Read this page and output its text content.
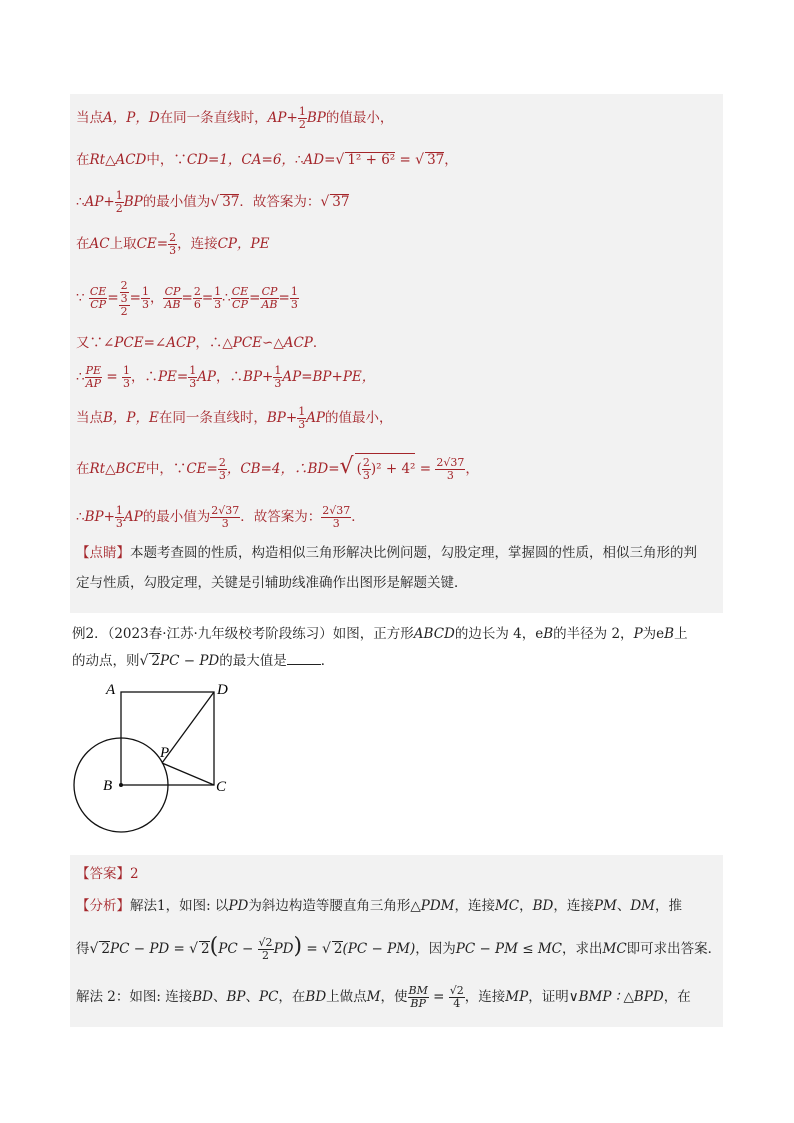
当点A，P，D在同一条直线时，$AP+ \frac{1}{2}$ BP的值最小，
在Rt△ACD中，∵CD=1，CA=6，∴AD=√ 1² + 6² = √ 37，
∴AP+ $\frac{1}{2}$ BP的最小值为√ 37．故答案为：√ 37
在AC上取$CE= \frac{2}{3}$ ，连接CP，PE
∵ $\frac{CE}{CP} = \frac{\frac{2}{3}}{2} = \frac{1}{3}$ ， $\frac{CP}{AB} = \frac{2}{6} = \frac{1}{3}$ ∴ $\frac{CE}{CP} = \frac{CP}{AB} = \frac{1}{3}$
又∵∠PCE=∠ACP，∴△PCE∽△ACP．
∴ $\frac{PE}{AP} = \frac{1}{3}$ ，∴PE= $\frac{1}{3}$ AP，∴BP+ $\frac{1}{3} AP=BP+PE$，
当点B，P，E在同一条直线时，$BP+ \frac{1}{3}$ AP的值最小，
在Rt△BCE中，∵CE= $\frac{2}{3}$ ，CB=4，∴BD=√ ( $\frac{2}{3} )^2 + 4^2 = \frac{2√37}{3}$ ，
∴BP+ $\frac{1}{3}$ AP的最小值为 $\frac{2√37}{3}$ ．故答案为： $\frac{2√37}{3}$ ．
【点睛】本题考查圆的性质，构造相似三角形解决比例问题，勾股定理，掌握圆的性质，相似三角形的判
定与性质，勾股定理，关键是引辅助线准确作出图形是解题关键．
例2．（2023春·江苏·九年级校考阶段练习）如图，正方形ABCD的边长为 4，eB的半径为 2，P为eB上
的动点，则√ 2PC − PD的最大值是	．
A	D
B	C
P
【答案】2
【分析】解法1，如图: 以PD为斜边构造等腰直角三角形△PDM，连接MC，BD，连接PM、DM，推
得√ 2PC − PD = √ $2(PC - \frac{√2}{2} PD)$ = √ 2(PC − PM)，因为PC − PM ≤ MC，求出MC即可求出答案．
解法 2：如图: 连接BD、BP、PC，在BD上做点M，使 $\frac{BM}{BP} = \frac{√2}{4}$ ，连接MP，证明∨BMP ∶ △BPD，在
